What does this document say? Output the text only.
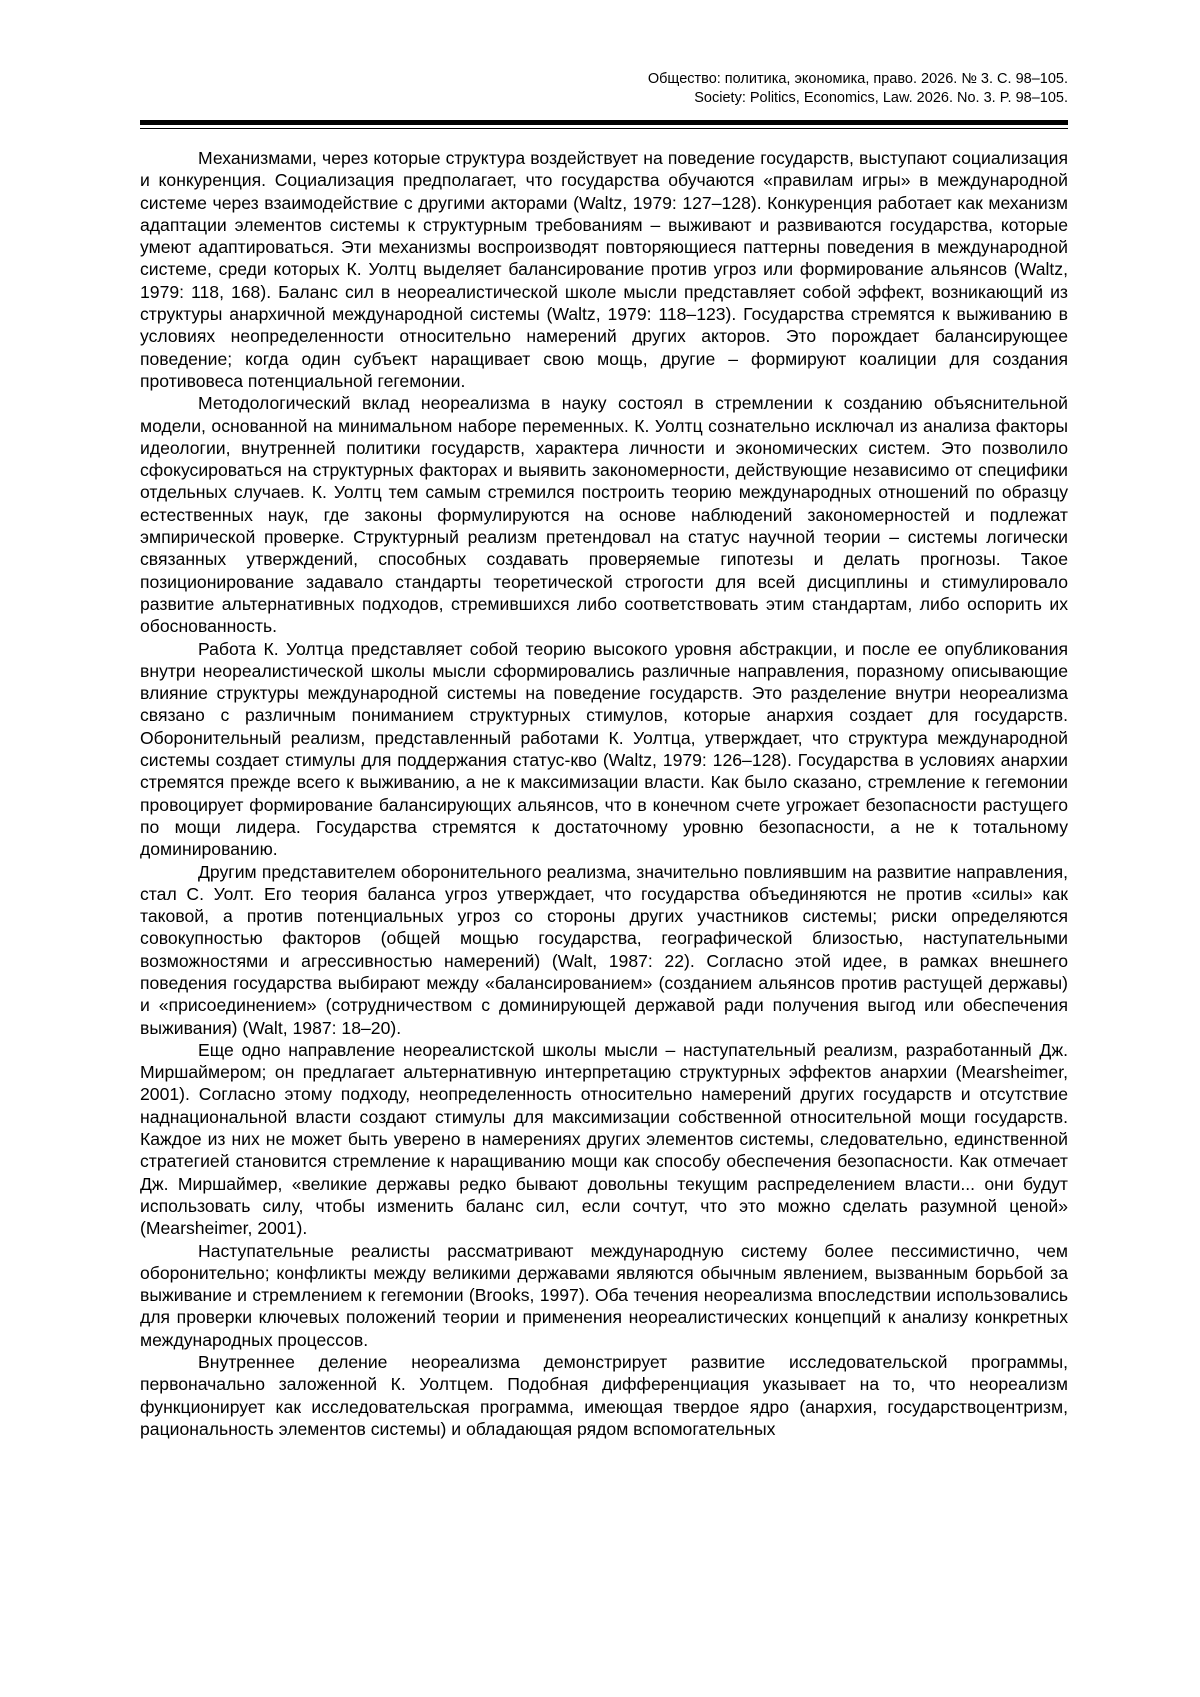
Общество: политика, экономика, право. 2026. № 3. С. 98–105.
Society: Politics, Economics, Law. 2026. No. 3. P. 98–105.

Механизмами, через которые структура воздействует на поведение государств, выступают социализация и конкуренция. Социализация предполагает, что государства обучаются «правилам игры» в международной системе через взаимодействие с другими акторами (Waltz, 1979: 127–128). Конкуренция работает как механизм адаптации элементов системы к структурным требованиям – выживают и развиваются государства, которые умеют адаптироваться. Эти механизмы воспроизводят повторяющиеся паттерны поведения в международной системе, среди которых К. Уолтц выделяет балансирование против угроз или формирование альянсов (Waltz, 1979: 118, 168). Баланс сил в неореалистической школе мысли представляет собой эффект, возникающий из структуры анархичной международной системы (Waltz, 1979: 118–123). Государства стремятся к выживанию в условиях неопределенности относительно намерений других акторов. Это порождает балансирующее поведение; когда один субъект наращивает свою мощь, другие – формируют коалиции для создания противовеса потенциальной гегемонии.

Методологический вклад неореализма в науку состоял в стремлении к созданию объяснительной модели, основанной на минимальном наборе переменных. К. Уолтц сознательно исключал из анализа факторы идеологии, внутренней политики государств, характера личности и экономических систем. Это позволило сфокусироваться на структурных факторах и выявить закономерности, действующие независимо от специфики отдельных случаев. К. Уолтц тем самым стремился построить теорию международных отношений по образцу естественных наук, где законы формулируются на основе наблюдений закономерностей и подлежат эмпирической проверке. Структурный реализм претендовал на статус научной теории – системы логически связанных утверждений, способных создавать проверяемые гипотезы и делать прогнозы. Такое позиционирование задавало стандарты теоретической строгости для всей дисциплины и стимулировало развитие альтернативных подходов, стремившихся либо соответствовать этим стандартам, либо оспорить их обоснованность.

Работа К. Уолтца представляет собой теорию высокого уровня абстракции, и после ее опубликования внутри неореалистической школы мысли сформировались различные направления, поразному описывающие влияние структуры международной системы на поведение государств. Это разделение внутри неореализма связано с различным пониманием структурных стимулов, которые анархия создает для государств. Оборонительный реализм, представленный работами К. Уолтца, утверждает, что структура международной системы создает стимулы для поддержания статус-кво (Waltz, 1979: 126–128). Государства в условиях анархии стремятся прежде всего к выживанию, а не к максимизации власти. Как было сказано, стремление к гегемонии провоцирует формирование балансирующих альянсов, что в конечном счете угрожает безопасности растущего по мощи лидера. Государства стремятся к достаточному уровню безопасности, а не к тотальному доминированию.

Другим представителем оборонительного реализма, значительно повлиявшим на развитие направления, стал С. Уолт. Его теория баланса угроз утверждает, что государства объединяются не против «силы» как таковой, а против потенциальных угроз со стороны других участников системы; риски определяются совокупностью факторов (общей мощью государства, географической близостью, наступательными возможностями и агрессивностью намерений) (Walt, 1987: 22). Согласно этой идее, в рамках внешнего поведения государства выбирают между «балансированием» (созданием альянсов против растущей державы) и «присоединением» (сотрудничеством с доминирующей державой ради получения выгод или обеспечения выживания) (Walt, 1987: 18–20).

Еще одно направление неореалистской школы мысли – наступательный реализм, разработанный Дж. Миршаймером; он предлагает альтернативную интерпретацию структурных эффектов анархии (Mearsheimer, 2001). Согласно этому подходу, неопределенность относительно намерений других государств и отсутствие наднациональной власти создают стимулы для максимизации собственной относительной мощи государств. Каждое из них не может быть уверено в намерениях других элементов системы, следовательно, единственной стратегией становится стремление к наращиванию мощи как способу обеспечения безопасности. Как отмечает Дж. Миршаймер, «великие державы редко бывают довольны текущим распределением власти... они будут использовать силу, чтобы изменить баланс сил, если сочтут, что это можно сделать разумной ценой» (Mearsheimer, 2001).

Наступательные реалисты рассматривают международную систему более пессимистично, чем оборонительно; конфликты между великими державами являются обычным явлением, вызванным борьбой за выживание и стремлением к гегемонии (Brooks, 1997). Оба течения неореализма впоследствии использовались для проверки ключевых положений теории и применения неореалистических концепций к анализу конкретных международных процессов.

Внутреннее деление неореализма демонстрирует развитие исследовательской программы, первоначально заложенной К. Уолтцем. Подобная дифференциация указывает на то, что неореализм функционирует как исследовательская программа, имеющая твердое ядро (анархия, государствоцентризм, рациональность элементов системы) и обладающая рядом вспомогательных
